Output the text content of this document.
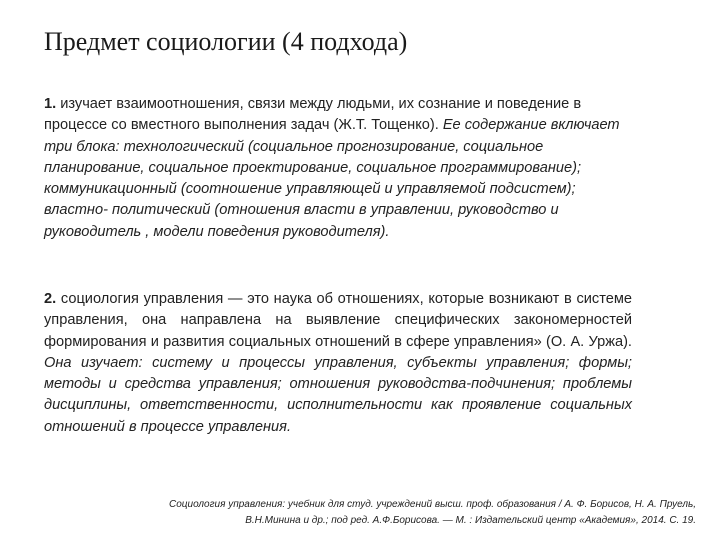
Предмет социологии (4 подхода)
1. изучает взаимоотношения, связи между людьми, их сознание и поведение в процессе со вместного выполнения задач (Ж.Т. Тощенко). Ее содержание включает три блока: технологический (социальное прогнозирование, социальное планирование, социальное проектирование, социальное программирование); коммуникационный (соотношение управляющей и управляемой подсистем); властно- политический (отношения власти в управлении, руководство и руководитель , модели поведения руководителя).
2. социология управления — это наука об отношениях, которые возникают в системе управления, она направлена на выявление специфических закономерностей формирования и развития социальных отношений в сфере управления» (О. А. Уржа). Она изучает: систему и процессы управления, субъекты управления; формы; методы и средства управления; отношения руководства-подчинения; проблемы дисциплины, ответственности, исполнительности как проявление социальных отношений в процессе управления.
Социология управления: учебник для студ. учреждений высш. проф. образования / А. Ф. Борисов, Н. А. Пруель,
В.Н.Минина и др.; под ред. А.Ф.Борисова. — М. : Издательский центр «Академия», 2014. С. 19.
